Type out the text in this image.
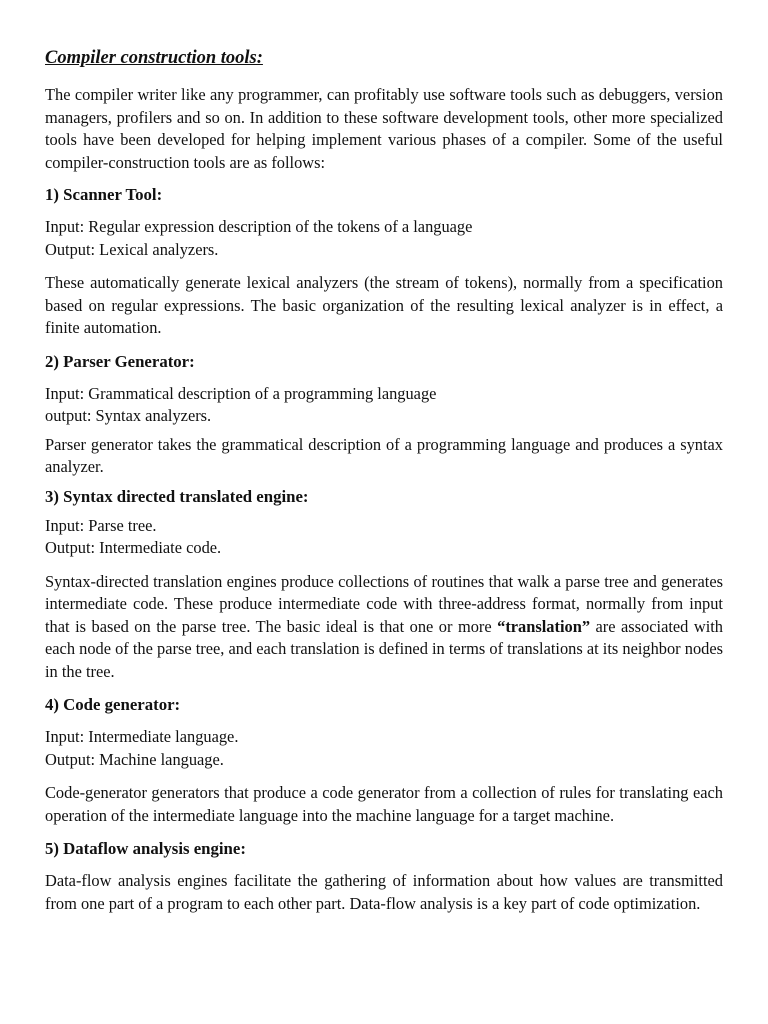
Compiler construction tools:

The compiler writer like any programmer, can profitably use software tools such as debuggers, version managers, profilers and so on. In addition to these software development tools, other more specialized tools have been developed for helping implement various phases of a compiler. Some of the useful compiler-construction tools are as follows:

1) Scanner Tool:

Input: Regular expression description of the tokens of a language

Output: Lexical analyzers.

These automatically generate lexical analyzers (the stream of tokens), normally from a specification based on regular expressions. The basic organization of the resulting lexical analyzer is in effect, a finite automation.

2) Parser Generator:

Input: Grammatical description of a programming language

output: Syntax analyzers.

Parser generator takes the grammatical description of a programming language and produces a syntax analyzer.

3) Syntax directed translated engine:

Input: Parse tree.

Output: Intermediate code.

Syntax-directed translation engines produce collections of routines that walk a parse tree and generates intermediate code. These produce intermediate code with three-address format, normally from input that is based on the parse tree. The basic ideal is that one or more “translation” are associated with each node of the parse tree, and each translation is defined in terms of translations at its neighbor nodes in the tree.

4) Code generator:

Input: Intermediate language.

Output: Machine language.

Code-generator generators that produce a code generator from a collection of rules for translating each operation of the intermediate language into the machine language for a target machine.

5) Dataflow analysis engine:

Data-flow analysis engines facilitate the gathering of information about how values are transmitted from one part of a program to each other part. Data-flow analysis is a key part of code optimization.
